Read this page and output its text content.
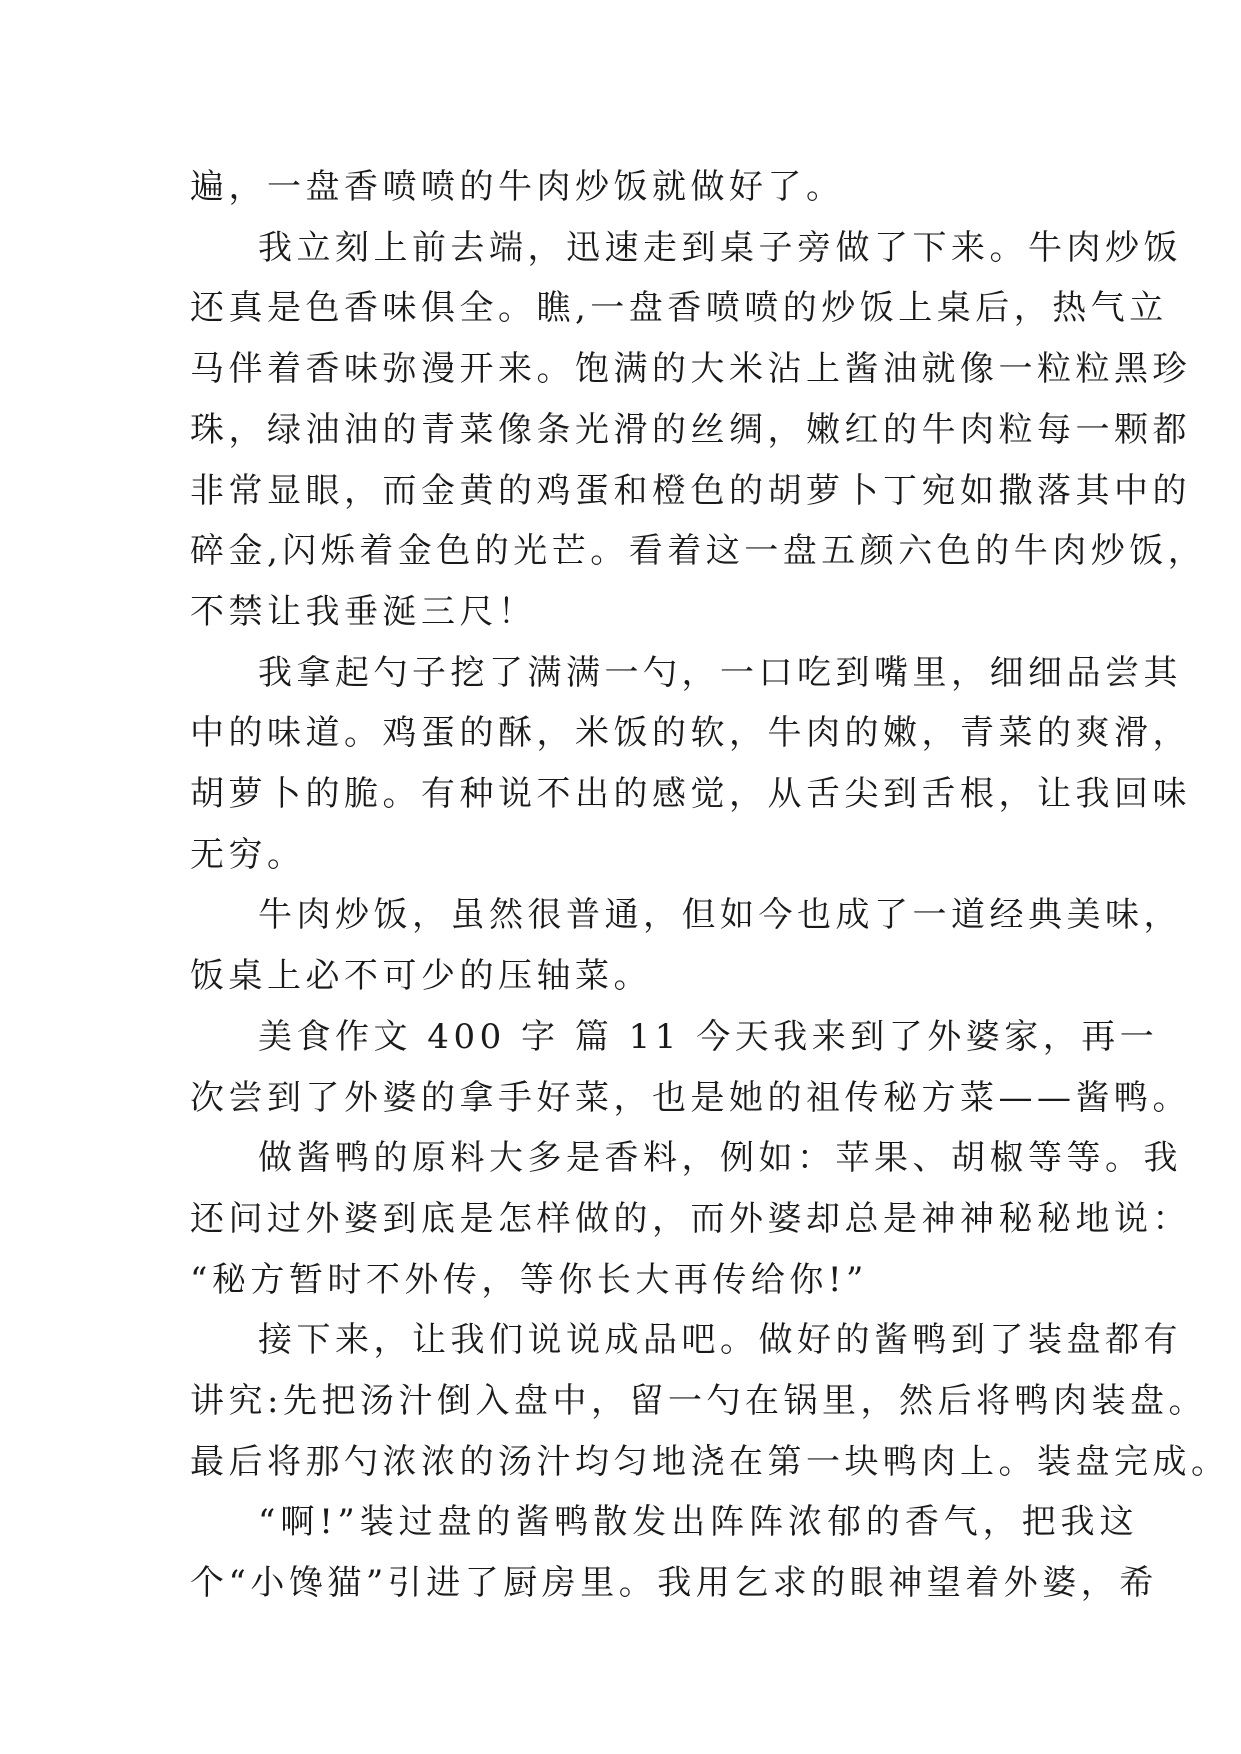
遍，一盘香喷喷的牛肉炒饭就做好了。
我立刻上前去端，迅速走到桌子旁做了下来。牛肉炒饭
还真是色香味俱全。瞧,一盘香喷喷的炒饭上桌后，热气立
马伴着香味弥漫开来。饱满的大米沾上酱油就像一粒粒黑珍
珠，绿油油的青菜像条光滑的丝绸，嫩红的牛肉粒每一颗都
非常显眼，而金黄的鸡蛋和橙色的胡萝卜丁宛如撒落其中的
碎金,闪烁着金色的光芒。看着这一盘五颜六色的牛肉炒饭，
不禁让我垂涎三尺！
我拿起勺子挖了满满一勺，一口吃到嘴里，细细品尝其
中的味道。鸡蛋的酥，米饭的软，牛肉的嫩，青菜的爽滑，
胡萝卜的脆。有种说不出的感觉，从舌尖到舌根，让我回味
无穷。
牛肉炒饭，虽然很普通，但如今也成了一道经典美味，
饭桌上必不可少的压轴菜。
美食作文 400 字 篇 11 今天我来到了外婆家，再一
次尝到了外婆的拿手好菜，也是她的祖传秘方菜——酱鸭。
做酱鸭的原料大多是香料，例如：苹果、胡椒等等。我
还问过外婆到底是怎样做的，而外婆却总是神神秘秘地说：
“秘方暂时不外传，等你长大再传给你!”
接下来，让我们说说成品吧。做好的酱鸭到了装盘都有
讲究:先把汤汁倒入盘中，留一勺在锅里，然后将鸭肉装盘。
最后将那勺浓浓的汤汁均匀地浇在第一块鸭肉上。装盘完成。
“啊!”装过盘的酱鸭散发出阵阵浓郁的香气，把我这
个“小馋猫”引进了厨房里。我用乞求的眼神望着外婆，希
